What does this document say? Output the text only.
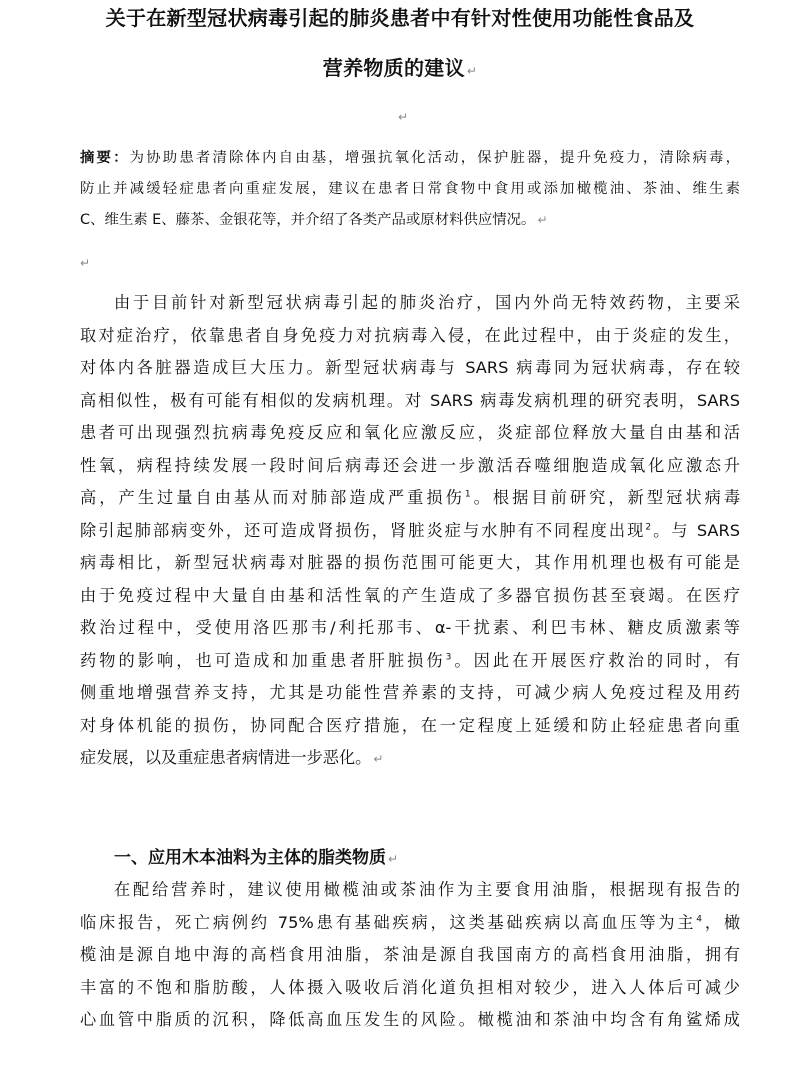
关于在新型冠状病毒引起的肺炎患者中有针对性使用功能性食品及
营养物质的建议 ↵
↵
摘要：为协助患者清除体内自由基，增强抗氧化活动，保护脏器，提升免疫力，清除病毒，
防止并减缓轻症患者向重症发展，建议在患者日常食物中食用或添加橄榄油、茶油、维生素
C、维生素 E、藤茶、金银花等，并介绍了各类产品或原材料供应情况。 ↵
↵
由于目前针对新型冠状病毒引起的肺炎治疗，国内外尚无特效药物，主要采
取对症治疗，依靠患者自身免疫力对抗病毒入侵，在此过程中，由于炎症的发生，
对体内各脏器造成巨大压力。新型冠状病毒与 SARS 病毒同为冠状病毒，存在较
高相似性，极有可能有相似的发病机理。对 SARS 病毒发病机理的研究表明，SARS
患者可出现强烈抗病毒免疫反应和氧化应激反应，炎症部位释放大量自由基和活
性氧，病程持续发展一段时间后病毒还会进一步激活吞噬细胞造成氧化应激态升
高，产生过量自由基从而对肺部造成严重损伤$^1$。根据目前研究，新型冠状病毒
除引起肺部病变外，还可造成肾损伤，肾脏炎症与水肿有不同程度出现$^2$。与 SARS
病毒相比，新型冠状病毒对脏器的损伤范围可能更大，其作用机理也极有可能是
由于免疫过程中大量自由基和活性氧的产生造成了多器官损伤甚至衰竭。在医疗
救治过程中，受使用洛匹那韦/利托那韦、α-干扰素、利巴韦林、糖皮质激素等
药物的影响，也可造成和加重患者肝脏损伤$^3$。因此在开展医疗救治的同时，有
侧重地增强营养支持，尤其是功能性营养素的支持，可减少病人免疫过程及用药
对身体机能的损伤，协同配合医疗措施，在一定程度上延缓和防止轻症患者向重
症发展，以及重症患者病情进一步恶化。 ↵
一、应用木本油料为主体的脂类物质 ↵
在配给营养时，建议使用橄榄油或茶油作为主要食用油脂，根据现有报告的
临床报告，死亡病例约 75%患有基础疾病，这类基础疾病以高血压等为主$^4$，橄
榄油是源自地中海的高档食用油脂，茶油是源自我国南方的高档食用油脂，拥有
丰富的不饱和脂肪酸，人体摄入吸收后消化道负担相对较少，进入人体后可减少
心血管中脂质的沉积，降低高血压发生的风险。橄榄油和茶油中均含有角鲨烯成
